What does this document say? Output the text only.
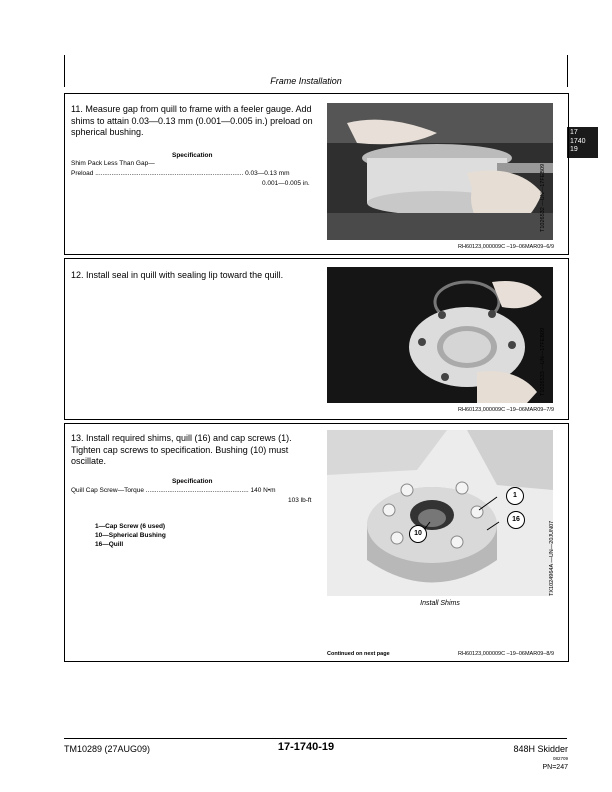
Frame Installation
17
1740
19
11. Measure gap from quill to frame with a feeler gauge. Add shims to attain 0.03—0.13 mm (0.001—0.005 in.) preload on spherical bushing.
Specification
Shim Pack Less Than Gap—
Preload .................................................................................. 0.03—0.13 mm
0.001—0.005 in.	T1026532 —UN—17FEB09
RH60123,000009C –19–06MAR09–6/9
12. Install seal in quill with sealing lip toward the quill.
T1026533 —UN—17FEB09
RH60123,000009C –19–06MAR09–7/9
13. Install required shims, quill (16) and cap screws (1). Tighten cap screws to specification. Bushing (10) must oscillate.
Specification
Quill Cap Screw—Torque ......................................................... 140 N•m
103 lb-ft
1—Cap Screw (6 used)
10—Spherical Bushing
16—Quill
1
16
10	TX1024964A —UN—20JUN07
Install Shims
Continued on next page	RH60123,000009C –19–06MAR09–8/9
TM10289 (27AUG09)	17-1740-19	848H Skidder
082709
PN=247
